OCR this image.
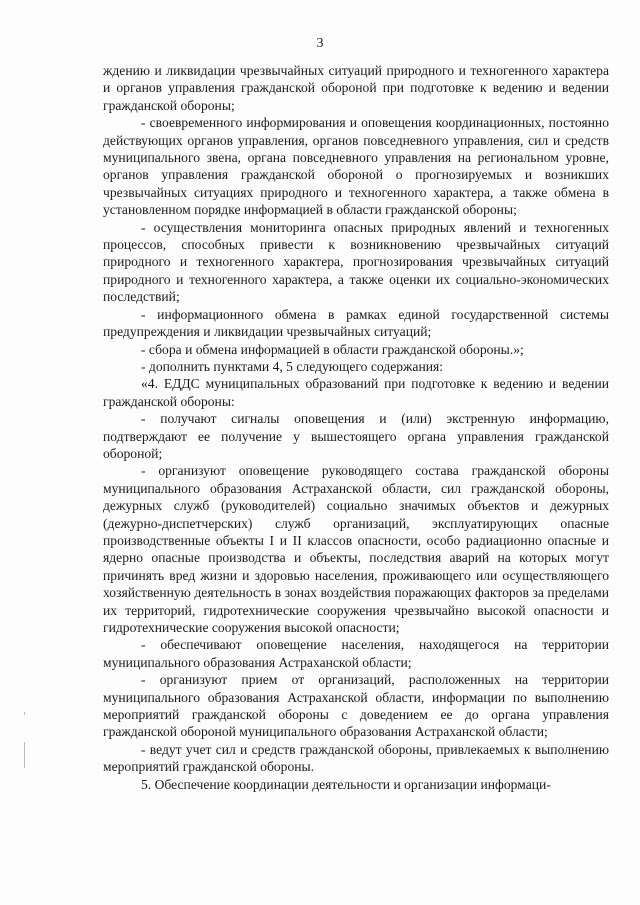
3

ждению и ликвидации чрезвычайных ситуаций природного и техногенного характера и органов управления гражданской обороной при подготовке к ведению и ведении гражданской обороны;

- своевременного информирования и оповещения координационных, постоянно действующих органов управления, органов повседневного управления, сил и средств муниципального звена, органа повседневного управления на региональном уровне, органов управления гражданской обороной о прогнозируемых и возникших чрезвычайных ситуациях природного и техногенного характера, а также обмена в установленном порядке информацией в области гражданской обороны;

- осуществления мониторинга опасных природных явлений и техногенных процессов, способных привести к возникновению чрезвычайных ситуаций природного и техногенного характера, прогнозирования чрезвычайных ситуаций природного и техногенного характера, а также оценки их социально-экономических последствий;

- информационного обмена в рамках единой государственной системы предупреждения и ликвидации чрезвычайных ситуаций;

- сбора и обмена информацией в области гражданской обороны.»;

- дополнить пунктами 4, 5 следующего содержания:

«4. ЕДДС муниципальных образований при подготовке к ведению и ведении гражданской обороны:

- получают сигналы оповещения и (или) экстренную информацию, подтверждают ее получение у вышестоящего органа управления гражданской обороной;

- организуют оповещение руководящего состава гражданской обороны муниципального образования Астраханской области, сил гражданской обороны, дежурных служб (руководителей) социально значимых объектов и дежурных (дежурно-диспетчерских) служб организаций, эксплуатирующих опасные производственные объекты I и II классов опасности, особо радиационно опасные и ядерно опасные производства и объекты, последствия аварий на которых могут причинять вред жизни и здоровью населения, проживающего или осуществляющего хозяйственную деятельность в зонах воздействия поражающих факторов за пределами их территорий, гидротехнические сооружения чрезвычайно высокой опасности и гидротехнические сооружения высокой опасности;

- обеспечивают оповещение населения, находящегося на территории муниципального образования Астраханской области;

- организуют прием от организаций, расположенных на территории муниципального образования Астраханской области, информации по выполнению мероприятий гражданской обороны с доведением ее до органа управления гражданской обороной муниципального образования Астраханской области;

- ведут учет сил и средств гражданской обороны, привлекаемых к выполнению мероприятий гражданской обороны.

5. Обеспечение координации деятельности и организации информаци-
